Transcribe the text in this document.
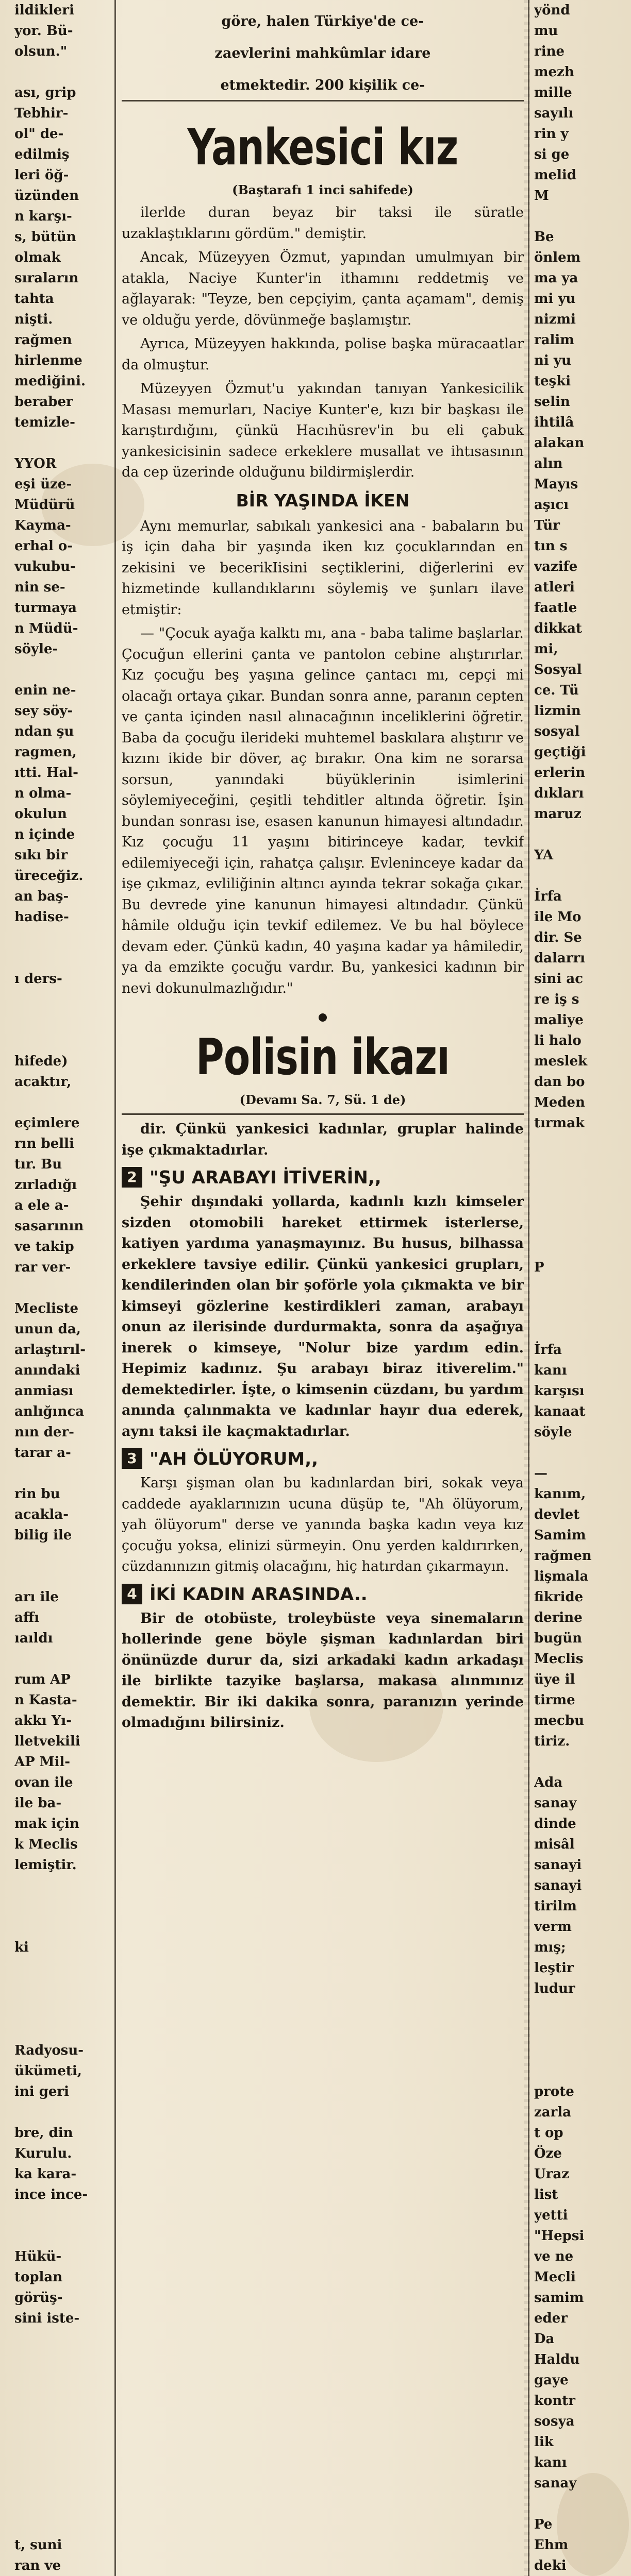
ildikleri
yor. Bü-
olsun."

ası, grip
Tebhir-
ol" de-
edilmiş
leri öğ-
üzünden
n karşı-
s, bütün
olmak
sıraların
tahta
nişti.
rağmen
hirlenme
mediğini.
beraber
temizle-

YYOR
eşi üze-
Müdürü
Kayma-
erhal o-
vukubu-
nin se-
turmaya
n Müdü-
söyle-

enin ne-
sey söy-
ndan şu
ragmen,
ıtti. Hal-
n olma-
okulun
n içinde
sıkı bir
üreceğiz.
an baş-
hadise-

ı ders-

hifede)
acaktır,

eçimlere
rın belli
tır. Bu
zırladığı
a ele a-
sasarının
ve takip
rar ver-

Mecliste
unun da,
arlaştırıl-
anındaki
anmiası
anlığınca
nın der-
tarar a-

rin bu
acakla-
bilig ile

arı ile
affı
ıaıldı

rum AP
n Kasta-
akkı Yı-
lletvekili
AP Mil-
ovan ile
ile ba-
mak için
k Meclis
lemiştir.

ki

Radyosu-
ükümeti,
ini geri

bre, din
Kurulu.
ka kara-
ince ince-

Hükü-
toplan
görüş-
sini iste-

t, suni
ran ve

göre, halen Türkiye'de ce-
zaevlerini mahkûmlar idare
etmektedir. 200 kişilik ce-
Yankesici kız
(Baştarafı 1 inci sahifede)

ilerlde duran beyaz bir taksi ile süratle uzaklaştıklarını gördüm." demiştir.

Ancak, Müzeyyen Özmut, yapından umulmıyan bir atakla, Naciye Kunter'in ithamını reddetmiş ve ağlayarak: "Teyze, ben cepçiyim, çanta açamam", demiş ve olduğu yerde, dövünmeğe başlamıştır.

Ayrıca, Müzeyyen hakkında, polise başka müracaatlar da olmuştur.

Müzeyyen Özmut'u yakından tanıyan Yankesicilik Masası memurları, Naciye Kunter'e, kızı bir başkası ile karıştırdığını, çünkü Hacıhüsrev'in bu eli çabuk yankesicisinin sadece erkeklere musallat ve ihtısasının da cep üzerinde olduğunu bildirmişlerdir.

BİR YAŞINDA İKEN

Aynı memurlar, sabıkalı yankesici ana - babaların bu iş için daha bir yaşında iken kız çocuklarından en zekisini ve becerikIisini seçtiklerini, diğerlerini ev hizmetinde kullandıklarını söylemiş ve şunları ilave etmiştir:

— "Çocuk ayağa kalktı mı, ana - baba talime başlarlar. Çocuğun ellerini çanta ve pantolon cebine alıştırırlar. Kız çocuğu beş yaşına gelince çantacı mı, cepçi mi olacağı ortaya çıkar. Bundan sonra anne, paranın cepten ve çanta içinden nasıl alınacağının inceliklerini öğretir. Baba da çocuğu ilerideki muhtemel baskılara alıştırır ve kızını ikide bir döver, aç bırakır. Ona kim ne sorarsa sorsun, yanındaki büyüklerinin isimlerini söylemiyeceğini, çeşitli tehditler altında öğretir. İşin bundan sonrası ise, esasen kanunun himayesi altındadır. Kız çocuğu 11 yaşını bitirinceye kadar, tevkif edilemiyeceği için, rahatça çalışır. Evleninceye kadar da işe çıkmaz, evliliğinin altıncı ayında tekrar sokağa çıkar. Bu devrede yine kanunun himayesi altındadır. Çünkü hâmile olduğu için tevkif edilemez. Ve bu hal böylece devam eder. Çünkü kadın, 40 yaşına kadar ya hâmiledir, ya da emzikte çocuğu vardır. Bu, yankesici kadının bir nevi dokunulmazlığıdır."

Polisin ikazı
(Devamı Sa. 7, Sü. 1 de)

dir. Çünkü yankesici kadınlar, gruplar halinde işe çıkmaktadırlar.

2 "ŞU ARABAYI İTİVERİN,,

Şehir dışındaki yollarda, kadınlı kızlı kimseler sizden otomobili hareket ettirmek isterlerse, katiyen yardıma yanaşmayınız. Bu husus, bilhassa erkeklere tavsiye edilir. Çünkü yankesici grupları, kendilerinden olan bir şoförle yola çıkmakta ve bir kimseyi gözlerine kestirdikleri zaman, arabayı onun az ilerisinde durdurmakta, sonra da aşağıya inerek o kimseye, "Nolur bize yardım edin. Hepimiz kadınız. Şu arabayı biraz itiverelim." demektedirler. İşte, o kimsenin cüzdanı, bu yardım anında çalınmakta ve kadınlar hayır dua ederek, aynı taksi ile kaçmaktadırlar.

3 "AH ÖLÜYORUM,,

Karşı şişman olan bu kadınlardan biri, sokak veya caddede ayaklarınızın ucuna düşüp te, "Ah ölüyorum, yah ölüyorum" derse ve yanında başka kadın veya kız çocuğu yoksa, elinizi sürmeyin. Onu yerden kaldırırken, cüzdanınızın gitmiş olacağını, hiç hatırdan çıkarmayın.

4 İKİ KADIN ARASINDA..

Bir de otobüste, troleybüste veya sinemaların hollerinde gene böyle şişman kadınlardan biri önünüzde durur da, sizi arkadaki kadın arkadaşı ile birlikte tazyike başlarsa, makasa alınmınız demektir. Bir iki dakika sonra, paranızın yerinde olmadığını bilirsiniz.

yönd
mu
rine
mezh
mille
sayılı
rin y
si ge
melid
M

Be
önlem
ma ya
mi yu
nizmi
ralim
ni yu
teşki
selin
ihtilâ
alakan
alın
Mayıs
aşıcı
Tür
tın s
vazife
atleri
faatle
dikkat
mi,
Sosyal
ce. Tü
lizmin
sosyal
geçtiği
erlerin
dıkları
maruz

YA

İrfa
ile Mo
dir. Se
dalarrı
sini ac
re iş s
maliye
li halo
meslek
dan bo
Meden
tırmak

P

İrfa
kanı
karşısı
kanaat
söyle

—
kanım,
devlet
Samim
rağmen
lişmala
fikride
derine
bugün
Meclis
üye il
tirme
mecbu
tiriz.

Ada
sanay
dinde
misâl
sanayi
sanayi
tirilm
verm
mış;
leştir
ludur

prote
zarla
t op
Öze
Uraz
list
yetti
"Hepsi
ve ne
Mecli
samim
eder
Da
Haldu
gaye
kontr
sosya
lik
kanı
sanay

Pe
Ehm
deki
